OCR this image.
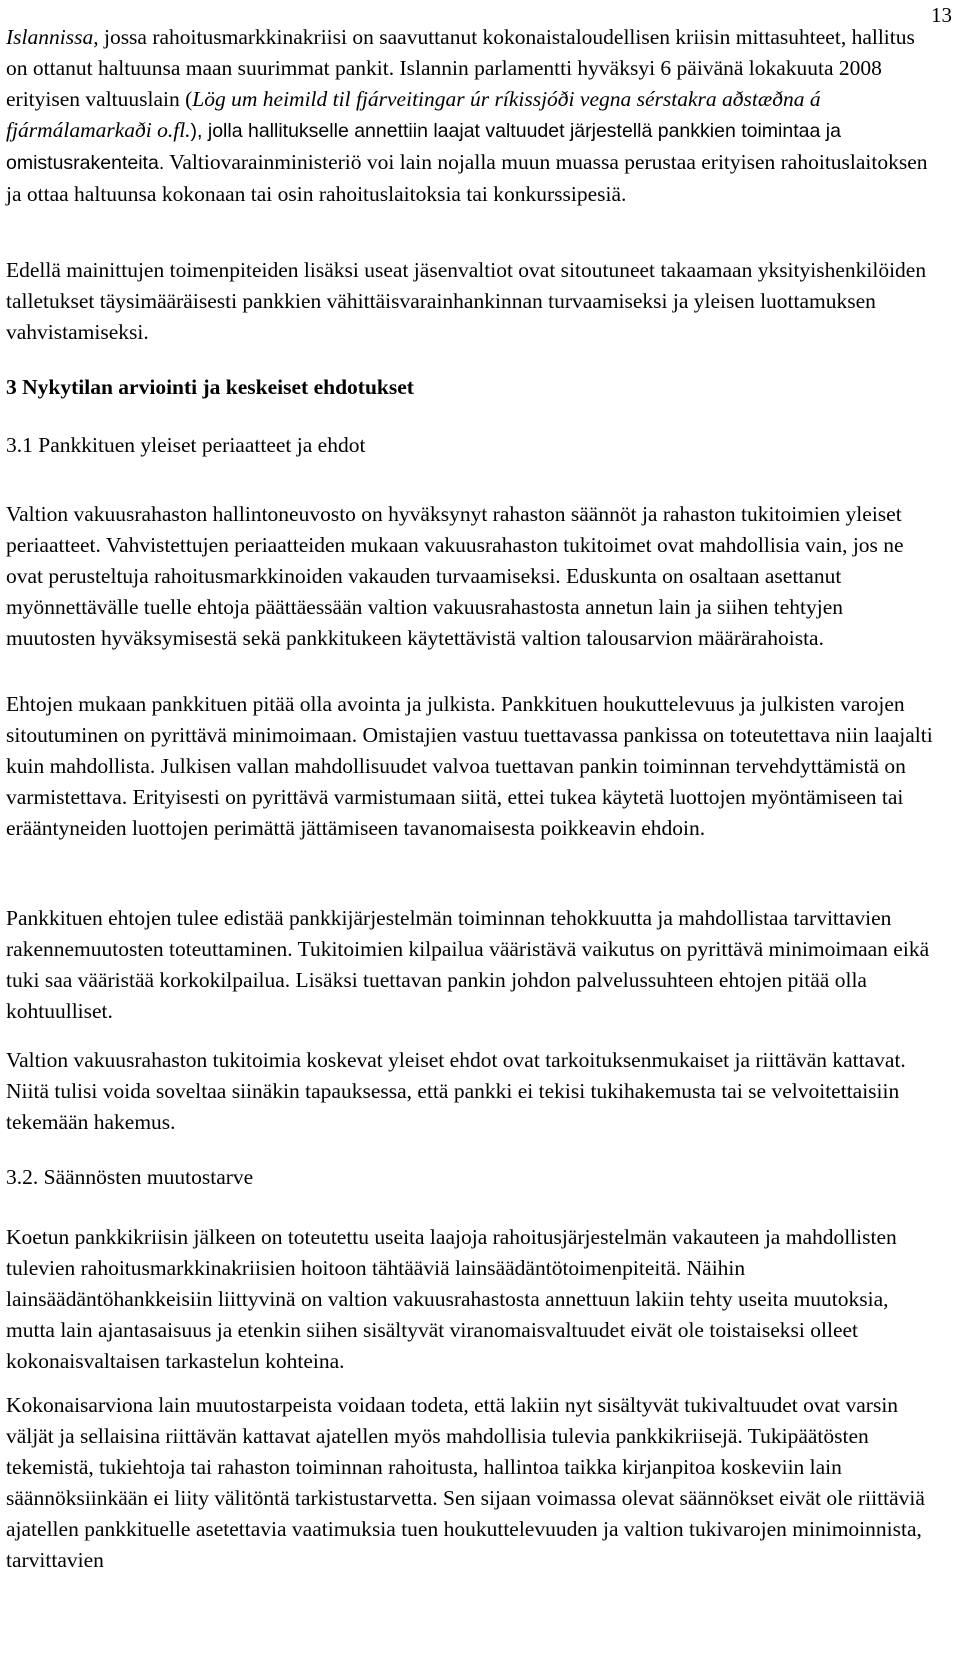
13

Islannissa, jossa rahoitusmarkkinakriisi on saavuttanut kokonaistaloudellisen kriisin mittasuhteet, hallitus on ottanut haltuunsa maan suurimmat pankit. Islannin parlamentti hyväksyi 6 päivänä lokakuuta 2008 erityisen valtuuslain (Lög um heimild til fjárveitingar úr ríkissjóði vegna sérstakra aðstæðna á fjármálamarkaði o.fl.), jolla hallitukselle annettiin laajat valtuudet järjestellä pankkien toimintaa ja omistusrakenteita. Valtiovarainministeriö voi lain nojalla muun muassa perustaa erityisen rahoituslaitoksen ja ottaa haltuunsa kokonaan tai osin rahoituslaitoksia tai konkurssipesiä.

Edellä mainittujen toimenpiteiden lisäksi useat jäsenvaltiot ovat sitoutuneet takaamaan yksityishenkilöiden talletukset täysimääräisesti pankkien vähittäisvarainhankinnan turvaamiseksi ja yleisen luottamuksen vahvistamiseksi.

3 Nykytilan arviointi ja keskeiset ehdotukset

3.1 Pankkituen yleiset periaatteet ja ehdot

Valtion vakuusrahaston hallintoneuvosto on hyväksynyt rahaston säännöt ja rahaston tukitoimien yleiset periaatteet. Vahvistettujen periaatteiden mukaan vakuusrahaston tukitoimet ovat mahdollisia vain, jos ne ovat perusteltuja rahoitusmarkkinoiden vakauden turvaamiseksi. Eduskunta on osaltaan asettanut myönnettävälle tuelle ehtoja päättäessään valtion vakuusrahastosta annetun lain ja siihen tehtyjen muutosten hyväksymisestä sekä pankkitukeen käytettävistä valtion talousarvion määrärahoista.

Ehtojen mukaan pankkituen pitää olla avointa ja julkista. Pankkituen houkuttelevuus ja julkisten varojen sitoutuminen on pyrittävä minimoimaan. Omistajien vastuu tuettavassa pankissa on toteutettava niin laajalti kuin mahdollista. Julkisen vallan mahdollisuudet valvoa tuettavan pankin toiminnan tervehdyttämistä on varmistettava. Erityisesti on pyrittävä varmistumaan siitä, ettei tukea käytetä luottojen myöntämiseen tai erääntyneiden luottojen perimättä jättämiseen tavanomaisesta poikkeavin ehdoin.

Pankkituen ehtojen tulee edistää pankkijärjestelmän toiminnan tehokkuutta ja mahdollistaa tarvittavien rakennemuutosten toteuttaminen. Tukitoimien kilpailua vääristävä vaikutus on pyrittävä minimoimaan eikä tuki saa vääristää korkokilpailua. Lisäksi tuettavan pankin johdon palvelussuhteen ehtojen pitää olla kohtuulliset.

Valtion vakuusrahaston tukitoimia koskevat yleiset ehdot ovat tarkoituksenmukaiset ja riittävän kattavat. Niitä tulisi voida soveltaa siinäkin tapauksessa, että pankki ei tekisi tukihakemusta tai se velvoitettaisiin tekemään hakemus.

3.2. Säännösten muutostarve

Koetun pankkikriisin jälkeen on toteutettu useita laajoja rahoitusjärjestelmän vakauteen ja mahdollisten tulevien rahoitusmarkkinakriisien hoitoon tähtääviä lainsäädäntötoimenpiteitä. Näihin lainsäädäntöhankkeisiin liittyvinä on valtion vakuusrahastosta annettuun lakiin tehty useita muutoksia, mutta lain ajantasaisuus ja etenkin siihen sisältyvät viranomaisvaltuudet eivät ole toistaiseksi olleet kokonaisvaltaisen tarkastelun kohteina.

Kokonaisarviona lain muutostarpeista voidaan todeta, että lakiin nyt sisältyvät tukivaltuudet ovat varsin väljät ja sellaisina riittävän kattavat ajatellen myös mahdollisia tulevia pankkikriisejä. Tukipäätösten tekemistä, tukiehtoja tai rahaston toiminnan rahoitusta, hallintoa taikka kirjanpitoa koskeviin lain säännöksiinkään ei liity välitöntä tarkistustarvetta. Sen sijaan voimassa olevat säännökset eivät ole riittäviä ajatellen pankkituelle asetettavia vaatimuksia tuen houkuttelevuuden ja valtion tukivarojen minimoinnista, tarvittavien
